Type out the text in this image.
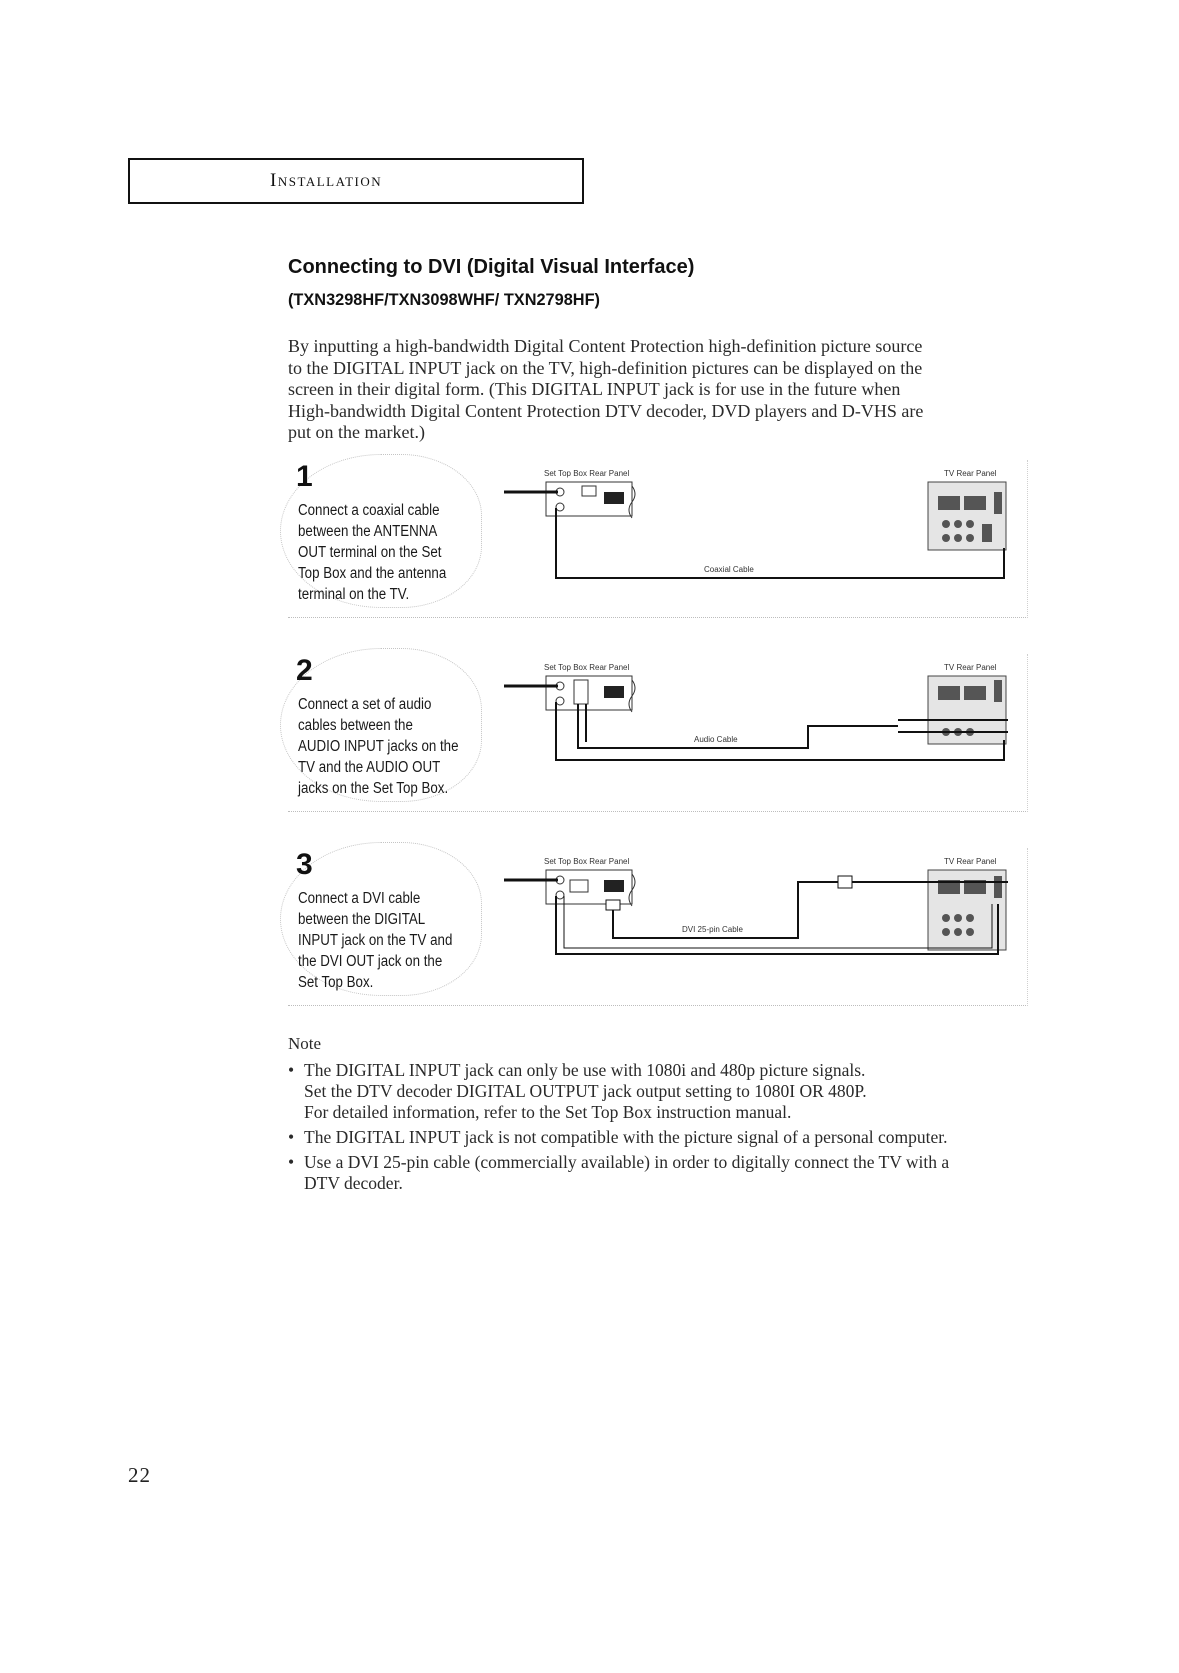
Installation
Connecting to DVI (Digital Visual Interface)
(TXN3298HF/TXN3098WHF/ TXN2798HF)
By inputting a high-bandwidth Digital Content Protection high-definition picture source
to the DIGITAL INPUT jack on the TV, high-definition pictures can be displayed on the
screen in their digital form. (This DIGITAL INPUT jack is for use in the future when
High-bandwidth Digital Content Protection DTV decoder, DVD players and D-VHS are
put on the market.)
1
Connect a coaxial cable
between the ANTENNA
OUT terminal on the Set
Top Box and the antenna
terminal on the TV.
Set Top Box Rear Panel	TV Rear Panel
Coaxial Cable
2
Connect a set of audio
cables between the
AUDIO INPUT jacks on the
TV and the AUDIO OUT
jacks on the Set Top Box.
Set Top Box Rear Panel	TV Rear Panel
Audio Cable
3
Connect a DVI cable
between the DIGITAL
INPUT jack on the TV and
the DVI OUT jack on the
Set Top Box.
Set Top Box Rear Panel	TV Rear Panel
DVI 25-pin Cable
Note
• The DIGITAL INPUT jack can only be use with 1080i and 480p picture signals.
Set the DTV decoder DIGITAL OUTPUT jack output setting to 1080I OR 480P.
For detailed information, refer to the Set Top Box instruction manual.
• The DIGITAL INPUT jack is not compatible with the picture signal of a personal computer.
• Use a DVI 25-pin cable (commercially available) in order to digitally connect the TV with a
DTV decoder.
22
